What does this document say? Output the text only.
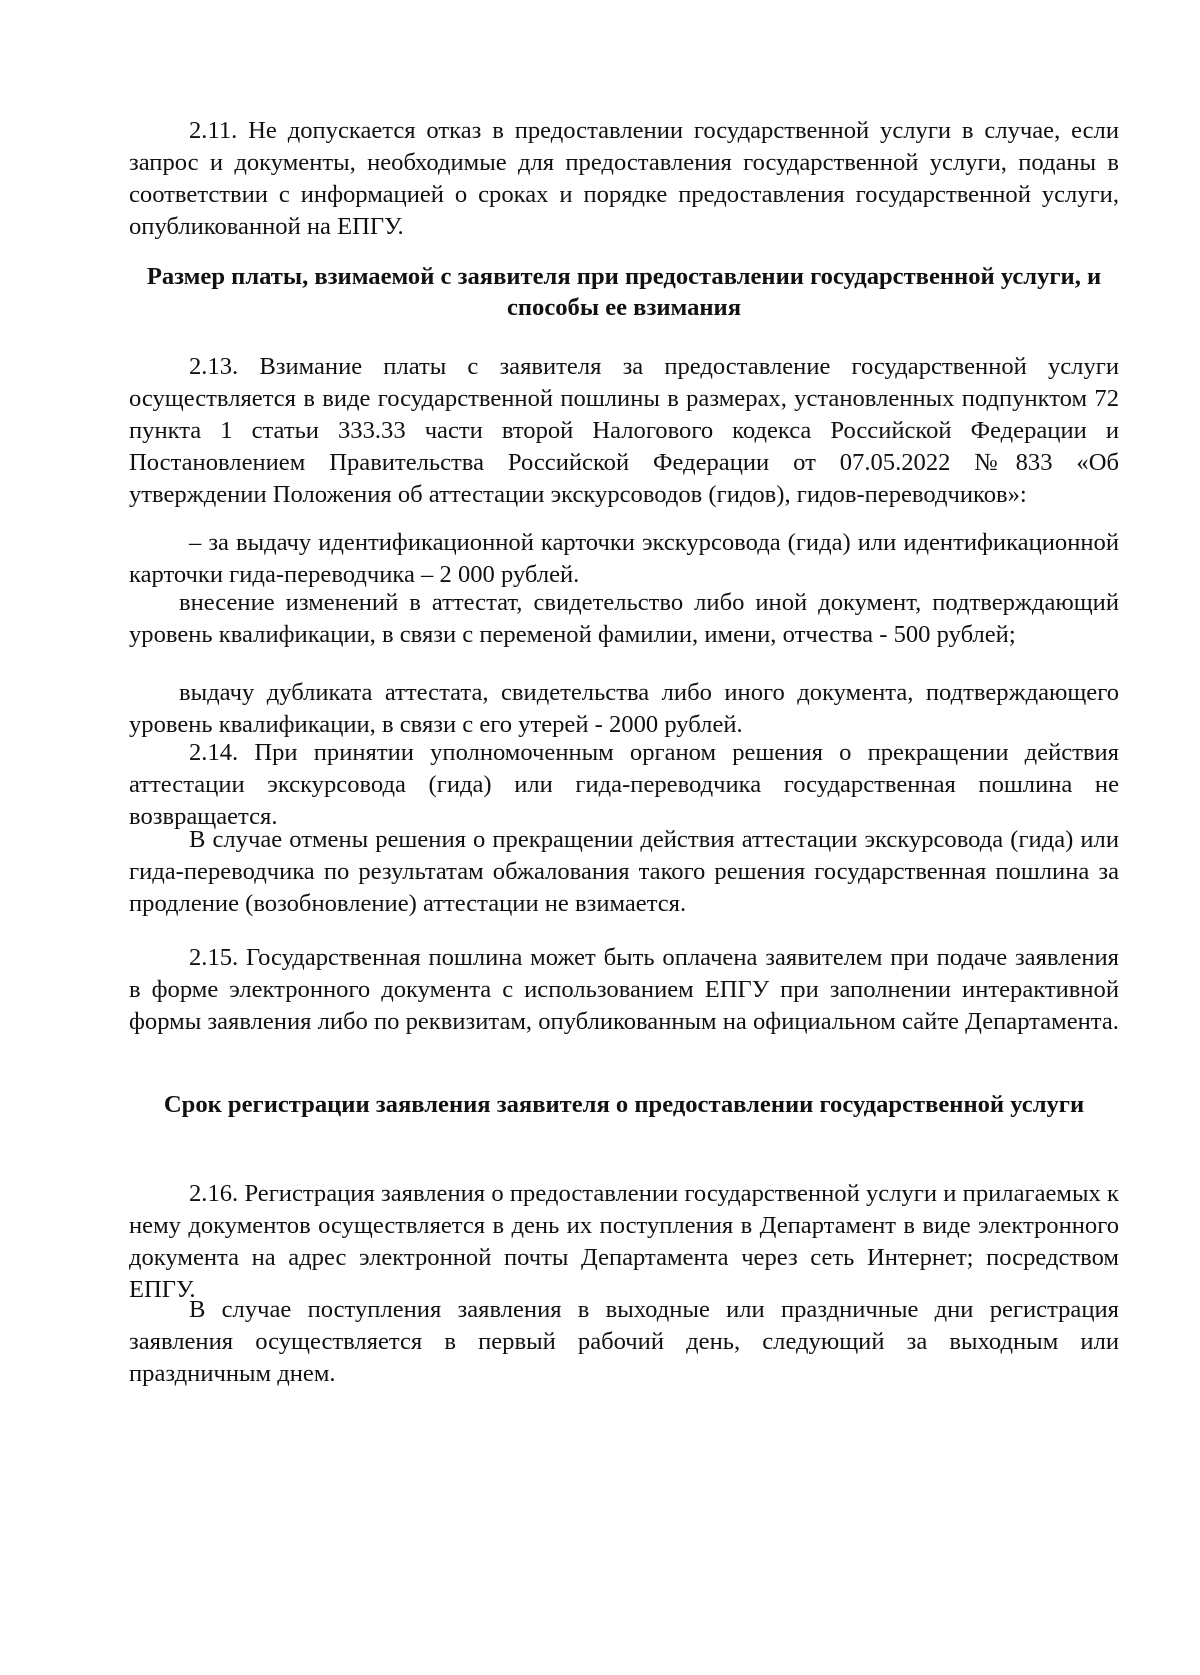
2.11. Не допускается отказ в предоставлении государственной услуги в случае, если запрос и документы, необходимые для предоставления государственной услуги, поданы в соответствии с информацией о сроках и порядке предоставления государственной услуги, опубликованной на ЕПГУ.

Размер платы, взимаемой с заявителя при предоставлении государственной услуги, и способы ее взимания

2.13. Взимание платы с заявителя за предоставление государственной услуги осуществляется в виде государственной пошлины в размерах, установленных подпунктом 72 пункта 1 статьи 333.33 части второй Налогового кодекса Российской Федерации и Постановлением Правительства Российской Федерации от 07.05.2022 №833 «Об утверждении Положения об аттестации экскурсоводов (гидов), гидов-переводчиков»:

– за выдачу идентификационной карточки экскурсовода (гида) или идентификационной карточки гида-переводчика – 2 000 рублей.

внесение изменений в аттестат, свидетельство либо иной документ, подтверждающий уровень квалификации, в связи с переменой фамилии, имени, отчества - 500 рублей;

выдачу дубликата аттестата, свидетельства либо иного документа, подтверждающего уровень квалификации, в связи с его утерей - 2000 рублей.

2.14. При принятии уполномоченным органом решения о прекращении действия аттестации экскурсовода (гида) или гида-переводчика государственная пошлина не возвращается.

В случае отмены решения о прекращении действия аттестации экскурсовода (гида) или гида-переводчика по результатам обжалования такого решения государственная пошлина за продление (возобновление) аттестации не взимается.

2.15. Государственная пошлина может быть оплачена заявителем при подаче заявления в форме электронного документа с использованием ЕПГУ при заполнении интерактивной формы заявления либо по реквизитам, опубликованным на официальном сайте Департамента.

Срок регистрации заявления заявителя о предоставлении государственной услуги

2.16. Регистрация заявления о предоставлении государственной услуги и прилагаемых к нему документов осуществляется в день их поступления в Департамент в виде электронного документа на адрес электронной почты Департамента через сеть Интернет; посредством ЕПГУ.

В случае поступления заявления в выходные или праздничные дни регистрация заявления осуществляется в первый рабочий день, следующий за выходным или праздничным днем.
